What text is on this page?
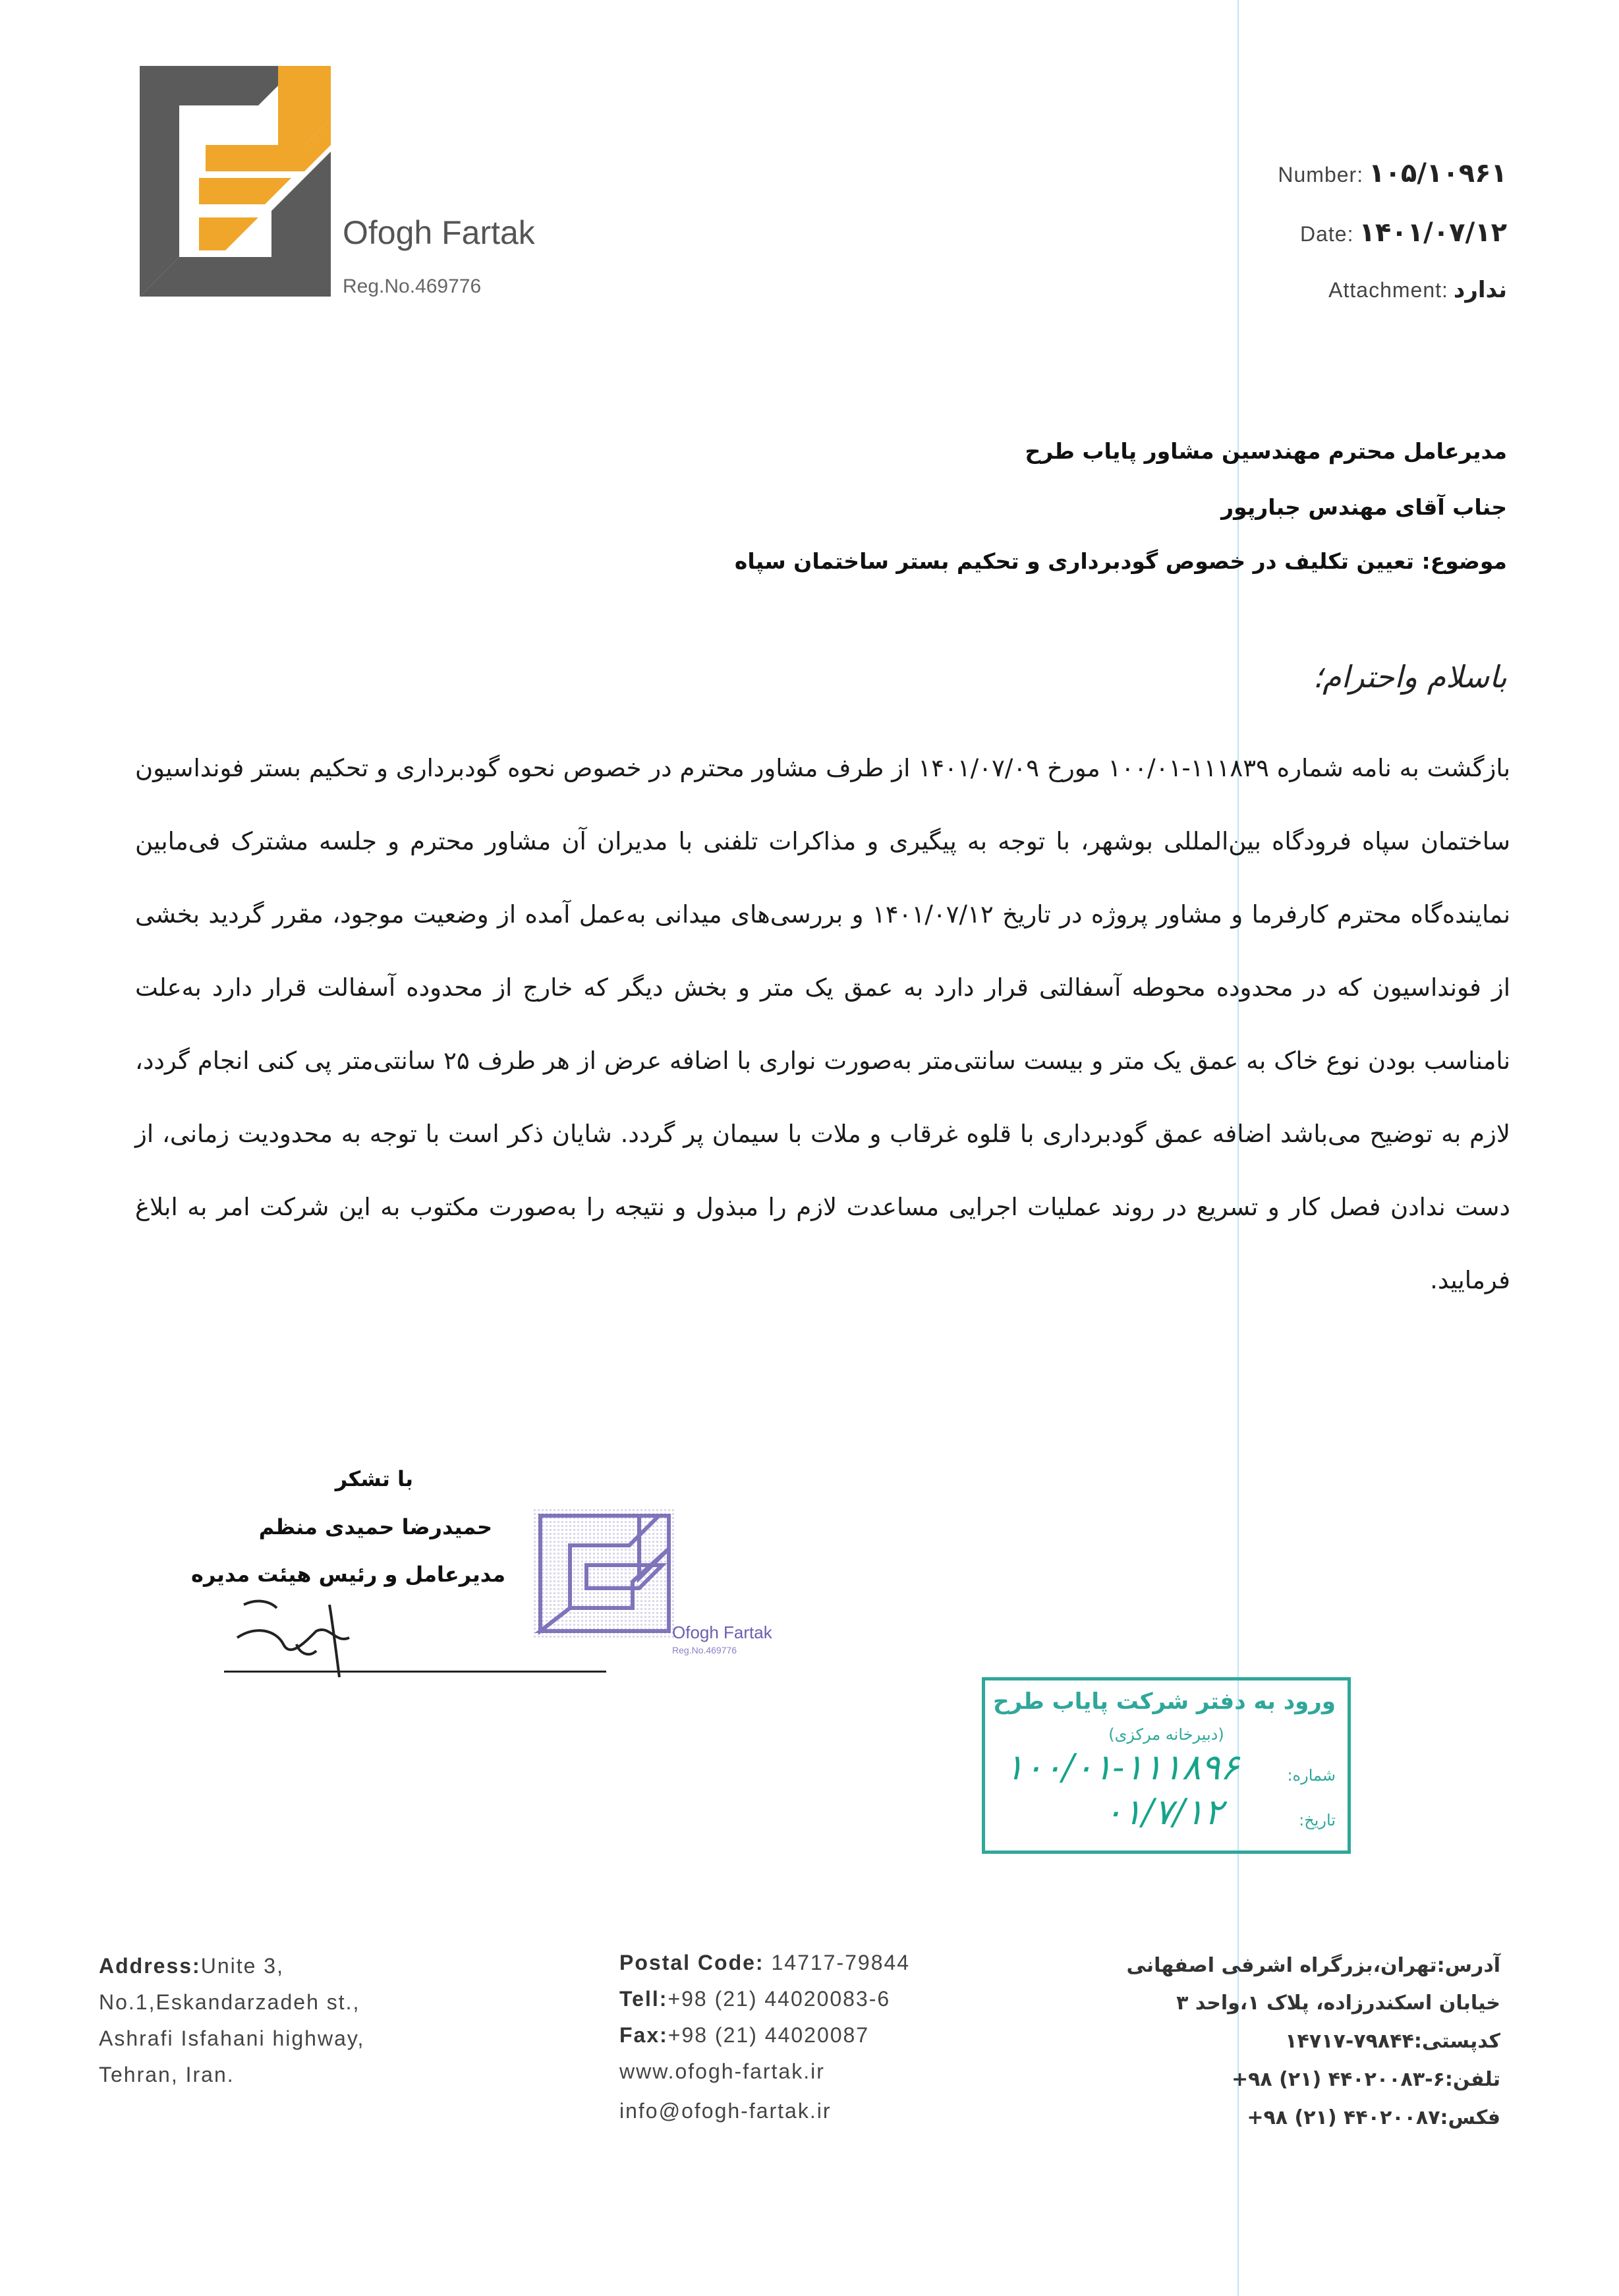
Ofogh Fartak
Reg.No.469776
Number: ۱۰۵/۱۰۹۶۱
Date: ۱۴۰۱/۰۷/۱۲
Attachment: ندارد
مدیرعامل محترم مهندسین مشاور پایاب طرح
جناب آقای مهندس جبارپور
موضوع: تعیین تکلیف در خصوص گودبرداری و تحکیم بستر ساختمان سپاه
باسلام واحترام؛
بازگشت به نامه شماره ۱۱۱۸۳۹-۱۰۰/۰۱ مورخ ۱۴۰۱/۰۷/۰۹ از طرف مشاور محترم در خصوص نحوه گودبرداری و تحکیم بستر فونداسیون ساختمان سپاه فرودگاه بین‌المللی بوشهر، با توجه به پیگیری و مذاکرات تلفنی با مدیران آن مشاور محترم و جلسه مشترک فی‌مابین نماینده‌گاه محترم کارفرما و مشاور پروژه در تاریخ ۱۴۰۱/۰۷/۱۲ و بررسی‌های میدانی به‌عمل آمده از وضعیت موجود، مقرر گردید بخشی از فونداسیون که در محدوده محوطه آسفالتی قرار دارد به عمق یک متر و بخش دیگر که خارج از محدوده آسفالت قرار دارد به‌علت نامناسب بودن نوع خاک به عمق یک متر و بیست سانتی‌متر به‌صورت نواری با اضافه عرض از هر طرف ۲۵ سانتی‌متر پی کنی انجام گردد، لازم به توضیح می‌باشد اضافه عمق گودبرداری با قلوه غرقاب و ملات با سیمان پر گردد. شایان ذکر است با توجه به محدودیت زمانی، از دست ندادن فصل کار و تسریع در روند عملیات اجرایی مساعدت لازم را مبذول و نتیجه را به‌صورت مکتوب به این شرکت امر به ابلاغ فرمایید.
با تشکر
حمیدرضا حمیدی منظم
مدیرعامل و رئیس هیئت مدیره
Ofogh Fartak
Reg.No.469776
ورود به دفتر شرکت پایاب طرح
(دبیرخانه مرکزی)
شماره:
تاریخ:
۱۰۰/۰۱-۱۱۱۸۹۶
۰۱/۷/۱۲
Address:Unite 3,
No.1,Eskandarzadeh st.,
Ashrafi Isfahani highway,
Tehran, Iran.
Postal Code: 14717-79844
Tell:+98 (21) 44020083-6
Fax:+98 (21) 44020087
www.ofogh-fartak.ir
info@ofogh-fartak.ir
آدرس:تهران،بزرگراه اشرفی اصفهانی
خیابان اسکندرزاده، پلاک ۱،واحد ۳
کدپستی:۷۹۸۴۴-۱۴۷۱۷
تلفن:۶-۴۴۰۲۰۰۸۳ (۲۱) ۹۸+
فکس:۴۴۰۲۰۰۸۷ (۲۱) ۹۸+
